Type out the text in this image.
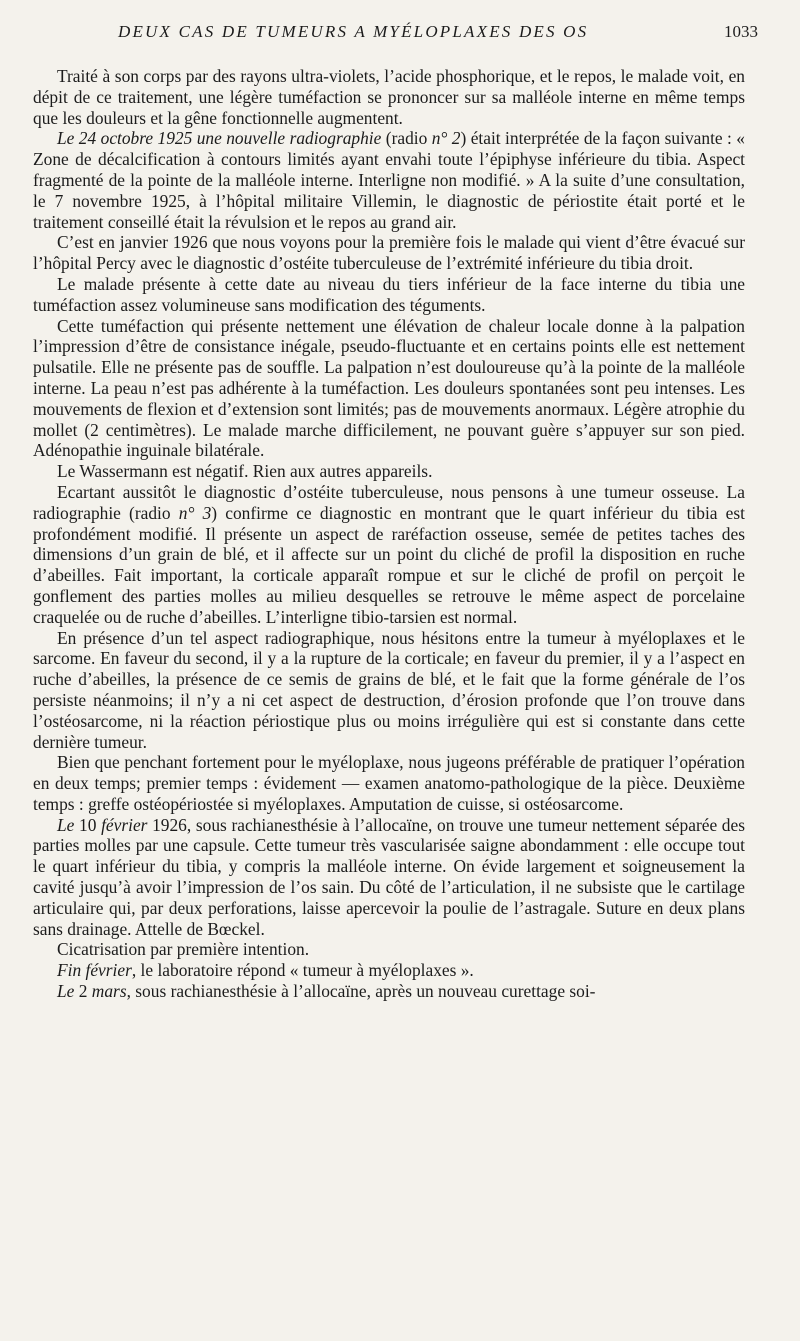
DEUX CAS DE TUMEURS A MYÉLOPLAXES DES OS	1033

Traité à son corps par des rayons ultra-violets, l’acide phosphorique, et le repos, le malade voit, en dépit de ce traitement, une légère tuméfaction se prononcer sur sa malléole interne en même temps que les douleurs et la gêne fonctionnelle augmentent.

Le 24 octobre 1925 une nouvelle radiographie (radio n° 2) était interprétée de la façon suivante : « Zone de décalcification à contours limités ayant envahi toute l’épiphyse inférieure du tibia. Aspect fragmenté de la pointe de la malléole interne. Interligne non modifié. » A la suite d’une consultation, le 7 novembre 1925, à l’hôpital militaire Villemin, le diagnostic de périostite était porté et le traitement conseillé était la révulsion et le repos au grand air.

C’est en janvier 1926 que nous voyons pour la première fois le malade qui vient d’être évacué sur l’hôpital Percy avec le diagnostic d’ostéite tuberculeuse de l’extrémité inférieure du tibia droit.

Le malade présente à cette date au niveau du tiers inférieur de la face interne du tibia une tuméfaction assez volumineuse sans modification des téguments.

Cette tuméfaction qui présente nettement une élévation de chaleur locale donne à la palpation l’impression d’être de consistance inégale, pseudo-fluctuante et en certains points elle est nettement pulsatile. Elle ne présente pas de souffle. La palpation n’est douloureuse qu’à la pointe de la malléole interne. La peau n’est pas adhérente à la tuméfaction. Les douleurs spontanées sont peu intenses. Les mouvements de flexion et d’extension sont limités; pas de mouvements anormaux. Légère atrophie du mollet (2 centimètres). Le malade marche difficilement, ne pouvant guère s’appuyer sur son pied. Adénopathie inguinale bilatérale.

Le Wassermann est négatif. Rien aux autres appareils.

Ecartant aussitôt le diagnostic d’ostéite tuberculeuse, nous pensons à une tumeur osseuse. La radiographie (radio n° 3) confirme ce diagnostic en montrant que le quart inférieur du tibia est profondément modifié. Il présente un aspect de raréfaction osseuse, semée de petites taches des dimensions d’un grain de blé, et il affecte sur un point du cliché de profil la disposition en ruche d’abeilles. Fait important, la corticale apparaît rompue et sur le cliché de profil on perçoit le gonflement des parties molles au milieu desquelles se retrouve le même aspect de porcelaine craquelée ou de ruche d’abeilles. L’interligne tibio-tarsien est normal.

En présence d’un tel aspect radiographique, nous hésitons entre la tumeur à myéloplaxes et le sarcome. En faveur du second, il y a la rupture de la corticale; en faveur du premier, il y a l’aspect en ruche d’abeilles, la présence de ce semis de grains de blé, et le fait que la forme générale de l’os persiste néanmoins; il n’y a ni cet aspect de destruction, d’érosion profonde que l’on trouve dans l’ostéosarcome, ni la réaction périostique plus ou moins irrégulière qui est si constante dans cette dernière tumeur.

Bien que penchant fortement pour le myéloplaxe, nous jugeons préférable de pratiquer l’opération en deux temps; premier temps : évidement — examen anatomo-pathologique de la pièce. Deuxième temps : greffe ostéopériostée si myéloplaxes. Amputation de cuisse, si ostéosarcome.

Le 10 février 1926, sous rachianesthésie à l’allocaïne, on trouve une tumeur nettement séparée des parties molles par une capsule. Cette tumeur très vascularisée saigne abondamment : elle occupe tout le quart inférieur du tibia, y compris la malléole interne. On évide largement et soigneusement la cavité jusqu’à avoir l’impression de l’os sain. Du côté de l’articulation, il ne subsiste que le cartilage articulaire qui, par deux perforations, laisse apercevoir la poulie de l’astragale. Suture en deux plans sans drainage. Attelle de Bœckel.

Cicatrisation par première intention.

Fin février, le laboratoire répond « tumeur à myéloplaxes ».

Le 2 mars, sous rachianesthésie à l’allocaïne, après un nouveau curettage soi-
